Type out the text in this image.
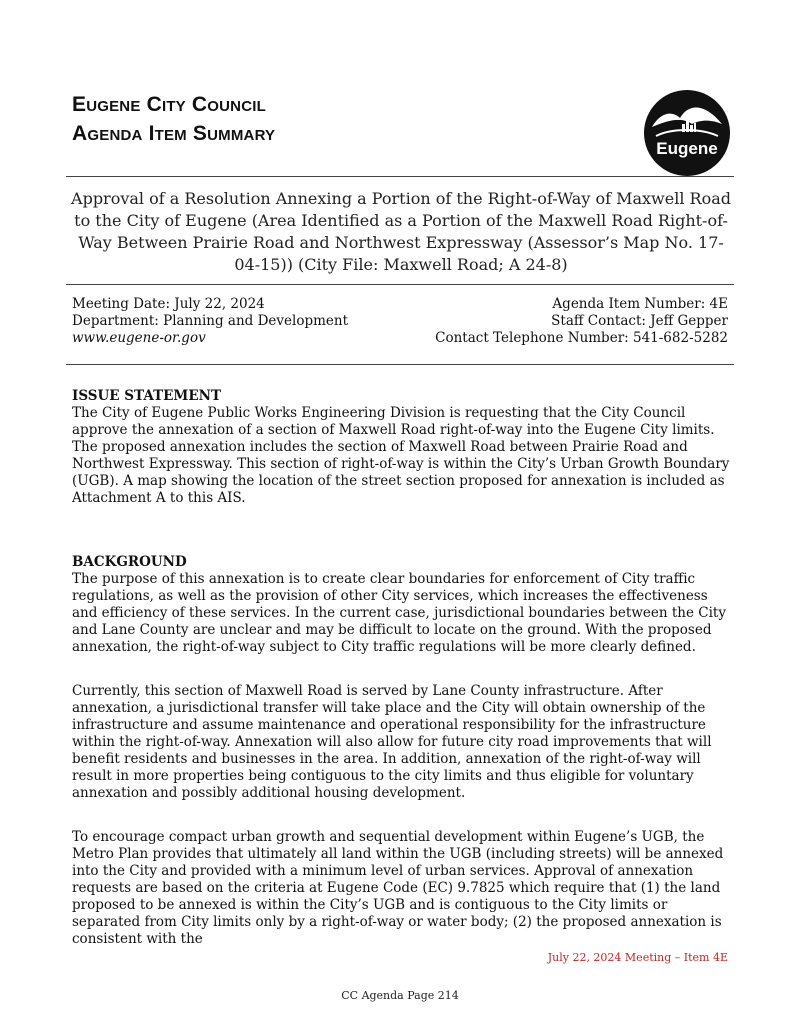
Eugene City Council
Agenda Item Summary
Eugene
Approval of a Resolution Annexing a Portion of the Right-of-Way of Maxwell Road to the City of Eugene (Area Identified as a Portion of the Maxwell Road Right-of-Way Between Prairie Road and Northwest Expressway (Assessor’s Map No. 17-04-15)) (City File: Maxwell Road; A 24-8)
Meeting Date: July 22, 2024
Department: Planning and Development
www.eugene-or.gov
Agenda Item Number: 4E
Staff Contact: Jeff Gepper
Contact Telephone Number: 541-682-5282
ISSUE STATEMENT

The City of Eugene Public Works Engineering Division is requesting that the City Council approve the annexation of a section of Maxwell Road right-of-way into the Eugene City limits. The proposed annexation includes the section of Maxwell Road between Prairie Road and Northwest Expressway. This section of right-of-way is within the City’s Urban Growth Boundary (UGB). A map showing the location of the street section proposed for annexation is included as Attachment A to this AIS.

BACKGROUND

The purpose of this annexation is to create clear boundaries for enforcement of City traffic regulations, as well as the provision of other City services, which increases the effectiveness and efficiency of these services. In the current case, jurisdictional boundaries between the City and Lane County are unclear and may be difficult to locate on the ground. With the proposed annexation, the right-of-way subject to City traffic regulations will be more clearly defined.

Currently, this section of Maxwell Road is served by Lane County infrastructure. After annexation, a jurisdictional transfer will take place and the City will obtain ownership of the infrastructure and assume maintenance and operational responsibility for the infrastructure within the right-of-way. Annexation will also allow for future city road improvements that will benefit residents and businesses in the area. In addition, annexation of the right-of-way will result in more properties being contiguous to the city limits and thus eligible for voluntary annexation and possibly additional housing development.

To encourage compact urban growth and sequential development within Eugene’s UGB, the Metro Plan provides that ultimately all land within the UGB (including streets) will be annexed into the City and provided with a minimum level of urban services. Approval of annexation requests are based on the criteria at Eugene Code (EC) 9.7825 which require that (1) the land proposed to be annexed is within the City’s UGB and is contiguous to the City limits or separated from City limits only by a right-of-way or water body; (2) the proposed annexation is consistent with the

July 22, 2024 Meeting – Item 4E
CC Agenda Page 214
